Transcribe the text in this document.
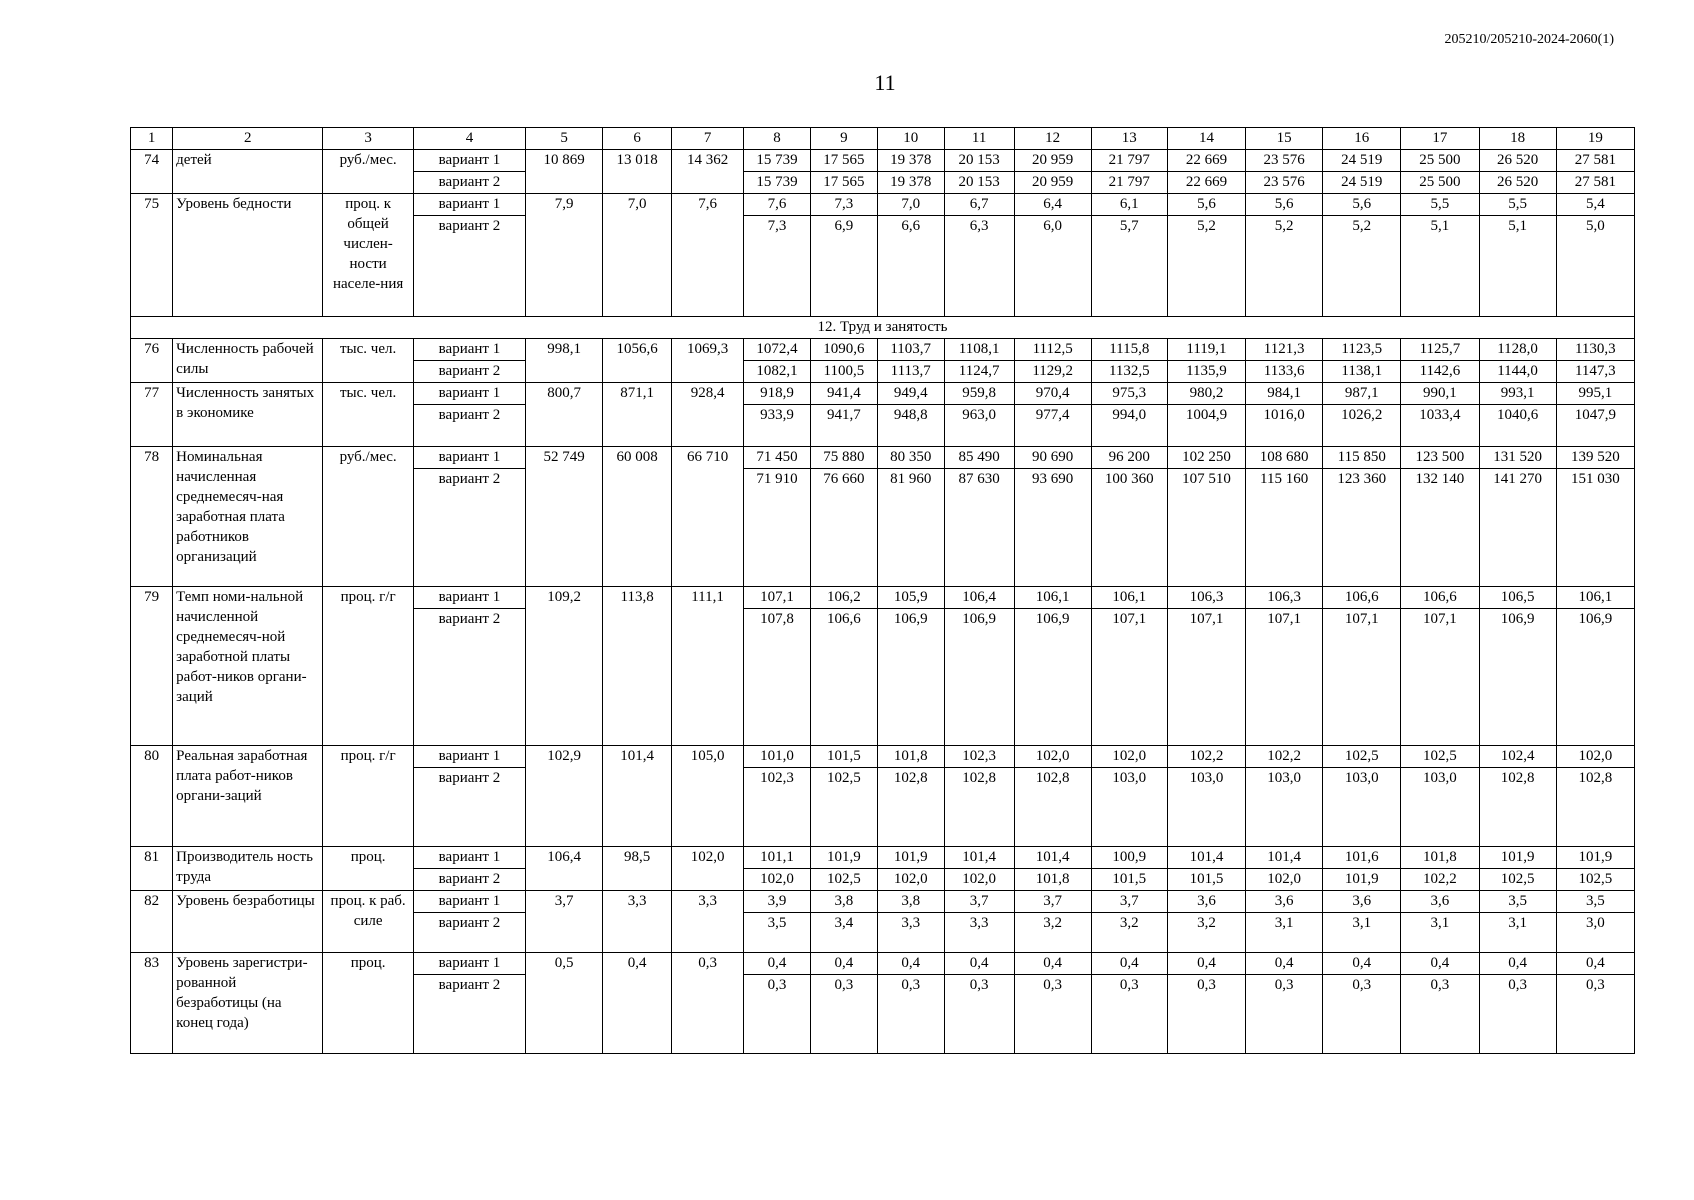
205210/205210-2024-2060(1)
11
1	2	3	4	5	6	7	8	9	10	11	12	13	14	15	16	17	18	19
74	детей	руб./мес.	вариант 1	10 869	13 018	14 362	15 739	17 565	19 378	20 153	20 959	21 797	22 669	23 576	24 519	25 500	26 520	27 581
			вариант 2				15 739	17 565	19 378	20 153	20 959	21 797	22 669	23 576	24 519	25 500	26 520	27 581
75	Уровень бедности	проц. к общей числен-ности населе-ния	вариант 1	7,9	7,0	7,6	7,6	7,3	7,0	6,7	6,4	6,1	5,6	5,6	5,6	5,5	5,5	5,4
			вариант 2				7,3	6,9	6,6	6,3	6,0	5,7	5,2	5,2	5,2	5,1	5,1	5,0
12. Труд и занятость																		
76	Численность рабочей силы	тыс. чел.	вариант 1	998,1	1056,6	1069,3	1072,4	1090,6	1103,7	1108,1	1112,5	1115,8	1119,1	1121,3	1123,5	1125,7	1128,0	1130,3
			вариант 2				1082,1	1100,5	1113,7	1124,7	1129,2	1132,5	1135,9	1133,6	1138,1	1142,6	1144,0	1147,3
77	Численность занятых в экономике	тыс. чел.	вариант 1	800,7	871,1	928,4	918,9	941,4	949,4	959,8	970,4	975,3	980,2	984,1	987,1	990,1	993,1	995,1
			вариант 2				933,9	941,7	948,8	963,0	977,4	994,0	1004,9	1016,0	1026,2	1033,4	1040,6	1047,9
78	Номинальная начисленная среднемесяч-ная заработная плата работников организаций	руб./мес.	вариант 1	52 749	60 008	66 710	71 450	75 880	80 350	85 490	90 690	96 200	102 250	108 680	115 850	123 500	131 520	139 520
			вариант 2				71 910	76 660	81 960	87 630	93 690	100 360	107 510	115 160	123 360	132 140	141 270	151 030
79	Темп номи-нальной начисленной среднемесяч-ной заработной платы работ-ников органи-заций	проц. г/г	вариант 1	109,2	113,8	111,1	107,1	106,2	105,9	106,4	106,1	106,1	106,3	106,3	106,6	106,6	106,5	106,1
			вариант 2				107,8	106,6	106,9	106,9	106,9	107,1	107,1	107,1	107,1	107,1	106,9	106,9
80	Реальная заработная плата работ-ников органи-заций	проц. г/г	вариант 1	102,9	101,4	105,0	101,0	101,5	101,8	102,3	102,0	102,0	102,2	102,2	102,5	102,5	102,4	102,0
			вариант 2				102,3	102,5	102,8	102,8	102,8	103,0	103,0	103,0	103,0	103,0	102,8	102,8
81	Производитель ность труда	проц.	вариант 1	106,4	98,5	102,0	101,1	101,9	101,9	101,4	101,4	100,9	101,4	101,4	101,6	101,8	101,9	101,9
			вариант 2				102,0	102,5	102,0	102,0	101,8	101,5	101,5	102,0	101,9	102,2	102,5	102,5
82	Уровень безработицы	проц. к раб. силе	вариант 1	3,7	3,3	3,3	3,9	3,8	3,8	3,7	3,7	3,7	3,6	3,6	3,6	3,6	3,5	3,5
			вариант 2				3,5	3,4	3,3	3,3	3,2	3,2	3,2	3,1	3,1	3,1	3,1	3,0
83	Уровень зарегистри-рованной безработицы (на конец года)	проц.	вариант 1	0,5	0,4	0,3	0,4	0,4	0,4	0,4	0,4	0,4	0,4	0,4	0,4	0,4	0,4	0,4
			вариант 2				0,3	0,3	0,3	0,3	0,3	0,3	0,3	0,3	0,3	0,3	0,3	0,3
